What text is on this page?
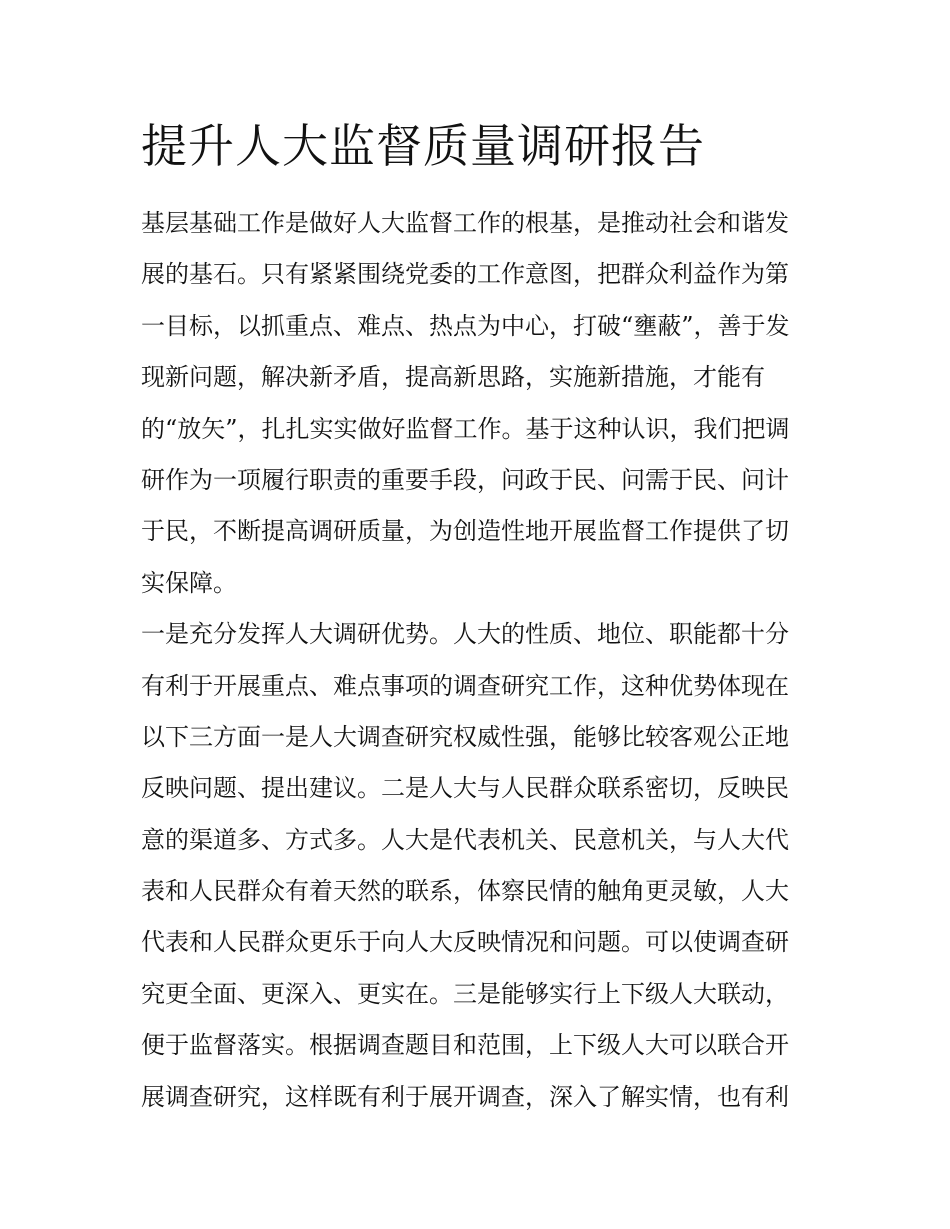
提升人大监督质量调研报告
基层基础工作是做好人大监督工作的根基，是推动社会和谐发
展的基石。只有紧紧围绕党委的工作意图，把群众利益作为第
一目标，以抓重点、难点、热点为中心，打破“壅蔽”，善于发
现新问题，解决新矛盾，提高新思路，实施新措施，才能有
的“放矢”，扎扎实实做好监督工作。基于这种认识，我们把调
研作为一项履行职责的重要手段，问政于民、问需于民、问计
于民，不断提高调研质量，为创造性地开展监督工作提供了切
实保障。
一是充分发挥人大调研优势。人大的性质、地位、职能都十分
有利于开展重点、难点事项的调查研究工作，这种优势体现在
以下三方面一是人大调查研究权威性强，能够比较客观公正地
反映问题、提出建议。二是人大与人民群众联系密切，反映民
意的渠道多、方式多。人大是代表机关、民意机关，与人大代
表和人民群众有着天然的联系，体察民情的触角更灵敏，人大
代表和人民群众更乐于向人大反映情况和问题。可以使调查研
究更全面、更深入、更实在。三是能够实行上下级人大联动，
便于监督落实。根据调查题目和范围，上下级人大可以联合开
展调查研究，这样既有利于展开调查，深入了解实情，也有利
